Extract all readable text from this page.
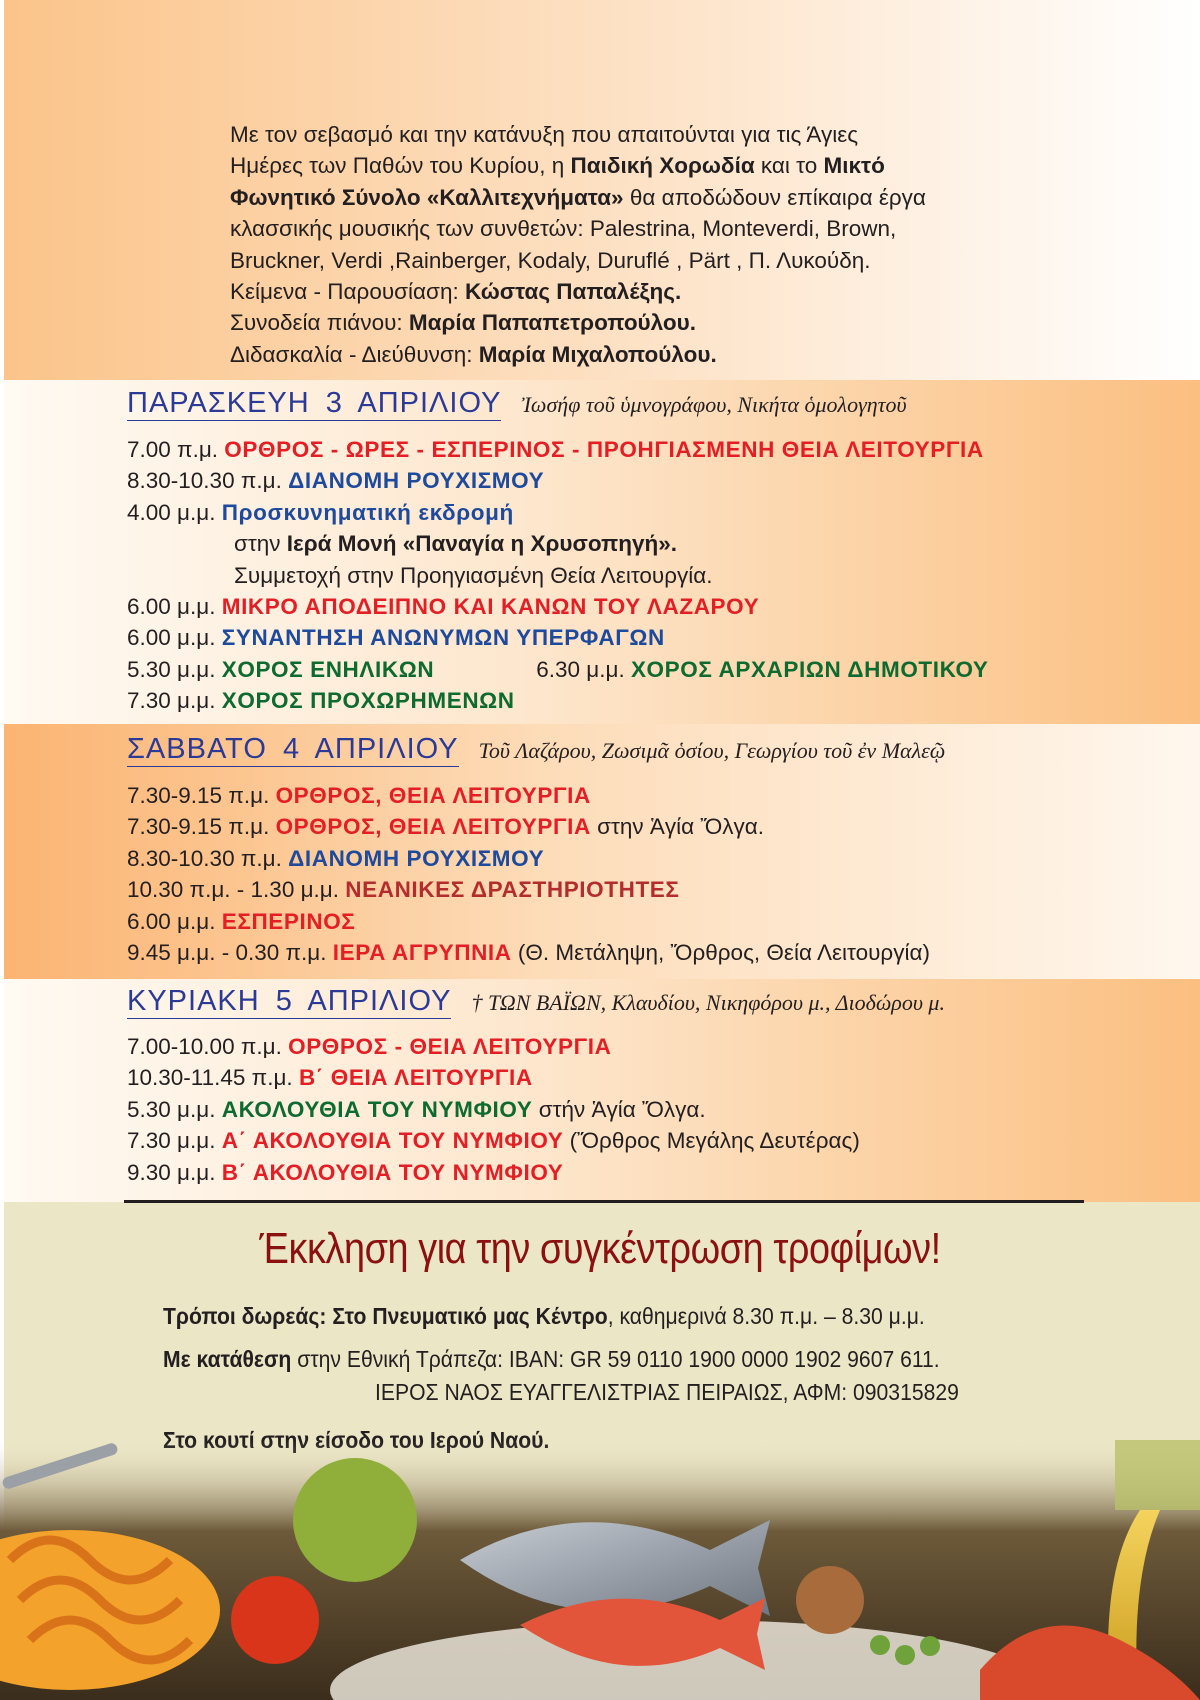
Με τον σεβασμό και την κατάνυξη που απαιτούνται για τις Άγιες

Ημέρες των Παθών του Κυρίου, η Παιδική Χορωδία και το Μικτό

Φωνητικό Σύνολο «Καλλιτεχνήματα» θα αποδώδουν επίκαιρα έργα

κλασσικής μουσικής των συνθετών: Palestrina, Monteverdi, Brown,

Bruckner, Verdi ,Rainberger, Kodaly, Duruflé , Pärt , Π. Λυκούδη.

Κείμενα - Παρουσίαση: Κώστας Παπαλέξης.

Συνοδεία πιάνου: Μαρία Παπαπετροπούλου.

Διδασκαλία - Διεύθυνση: Μαρία Μιχαλοπούλου.

ΠΑΡΑΣΚΕΥΗ 3 ΑΠΡΙΛΙΟΥ Ἰωσήφ τοῦ ὑμνογράφου, Νικήτα ὁμολογητοῦ
7.00 π.μ. ΟΡΘΡΟΣ - ΩΡΕΣ - ΕΣΠΕΡΙΝΟΣ - ΠΡΟΗΓΙΑΣΜΕΝΗ ΘΕΙΑ ΛΕΙΤΟΥΡΓΙΑ
8.30-10.30 π.μ. ΔΙΑΝΟΜΗ ΡΟΥΧΙΣΜΟΥ
4.00 μ.μ. Προσκυνηματική εκδρομή
στην Ιερά Μονή «Παναγία η Χρυσοπηγή».
Συμμετοχή στην Προηγιασμένη Θεία Λειτουργία.
6.00 μ.μ. ΜΙΚΡΟ ΑΠΟΔΕΙΠΝΟ ΚΑΙ ΚΑΝΩΝ ΤΟΥ ΛΑΖΑΡΟΥ
6.00 μ.μ. ΣΥΝΑΝΤΗΣΗ ΑΝΩΝΥΜΩΝ ΥΠΕΡΦΑΓΩΝ
5.30 μ.μ. ΧΟΡΟΣ ΕΝΗΛΙΚΩΝ	6.30 μ.μ. ΧΟΡΟΣ ΑΡΧΑΡΙΩΝ ΔΗΜΟΤΙΚΟΥ
7.30 μ.μ. ΧΟΡΟΣ ΠΡΟΧΩΡΗΜΕΝΩΝ
ΣΑΒΒΑΤΟ 4 ΑΠΡΙΛΙΟΥ Τοῦ Λαζάρου, Ζωσιμᾶ ὁσίου, Γεωργίου τοῦ ἐν Μαλεῷ
7.30-9.15 π.μ. ΟΡΘΡΟΣ, ΘΕΙΑ ΛΕΙΤΟΥΡΓΙΑ
7.30-9.15 π.μ. ΟΡΘΡΟΣ, ΘΕΙΑ ΛΕΙΤΟΥΡΓΙΑ στην Ἁγία Ὄλγα.
8.30-10.30 π.μ. ΔΙΑΝΟΜΗ ΡΟΥΧΙΣΜΟΥ
10.30 π.μ. - 1.30 μ.μ. ΝΕΑΝΙΚΕΣ ΔΡΑΣΤΗΡΙΟΤΗΤΕΣ
6.00 μ.μ. ΕΣΠΕΡΙΝΟΣ
9.45 μ.μ. - 0.30 π.μ. ΙΕΡΑ ΑΓΡΥΠΝΙΑ (Θ. Μετάληψη, Ὄρθρος, Θεία Λειτουργία)
ΚΥΡΙΑΚΗ 5 ΑΠΡΙΛΙΟΥ † ΤΩΝ ΒΑΪΩΝ, Κλαυδίου, Νικηφόρου μ., Διοδώρου μ.
7.00-10.00 π.μ. ΟΡΘΡΟΣ - ΘΕΙΑ ΛΕΙΤΟΥΡΓΙΑ
10.30-11.45 π.μ. Β΄ ΘΕΙΑ ΛΕΙΤΟΥΡΓΙΑ
5.30 μ.μ. ΑΚΟΛΟΥΘΙΑ ΤΟΥ ΝΥΜΦΙΟΥ στήν Ἁγία Ὄλγα.
7.30 μ.μ. Α΄ ΑΚΟΛΟΥΘΙΑ ΤΟΥ ΝΥΜΦΙΟΥ (Ὄρθρος Μεγάλης Δευτέρας)
9.30 μ.μ. Β΄ ΑΚΟΛΟΥΘΙΑ ΤΟΥ ΝΥΜΦΙΟΥ
Έκκληση για την συγκέντρωση τροφίμων!
Τρόποι δωρεάς: Στο Πνευματικό μας Κέντρο, καθημερινά 8.30 π.μ. – 8.30 μ.μ.
Με κατάθεση στην Εθνική Τράπεζα: IBAN: GR 59 0110 1900 0000 1902 9607 611.
ΙΕΡΟΣ ΝΑΟΣ ΕΥΑΓΓΕΛΙΣΤΡΙΑΣ ΠΕΙΡΑΙΩΣ, ΑΦΜ: 090315829
